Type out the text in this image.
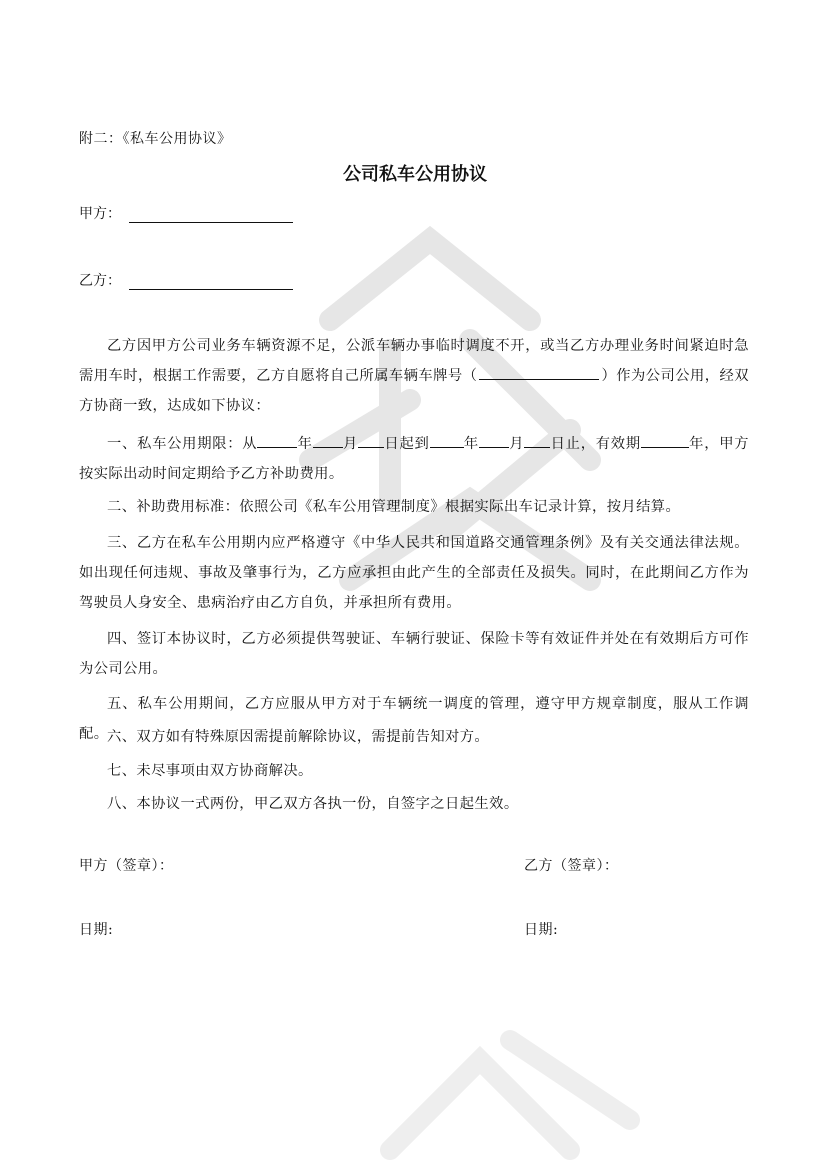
附二：《私车公用协议》
公司私车公用协议
甲方：
乙方：
乙方因甲方公司业务车辆资源不足，公派车辆办事临时调度不开，或当乙方办理业务时间紧迫时急需用车时，根据工作需要，乙方自愿将自己所属车辆车牌号（	）作为公司公用，经双方协商一致，达成如下协议：
一、私车公用期限：从	年 月 日起到 年 月 日止，有效期	年，甲方按实际出动时间定期给予乙方补助费用。
二、补助费用标准：依照公司《私车公用管理制度》根据实际出车记录计算，按月结算。
三、乙方在私车公用期内应严格遵守《中华人民共和国道路交通管理条例》及有关交通法律法规。如出现任何违规、事故及肇事行为，乙方应承担由此产生的全部责任及损失。同时，在此期间乙方作为驾驶员人身安全、患病治疗由乙方自负，并承担所有费用。
四、签订本协议时，乙方必须提供驾驶证、车辆行驶证、保险卡等有效证件并处在有效期后方可作为公司公用。
五、私车公用期间，乙方应服从甲方对于车辆统一调度的管理，遵守甲方规章制度，服从工作调配。
六、双方如有特殊原因需提前解除协议，需提前告知对方。
七、未尽事项由双方协商解决。
八、本协议一式两份，甲乙双方各执一份，自签字之日起生效。
甲方（签章）：	乙方（签章）：
日期:	日期:
